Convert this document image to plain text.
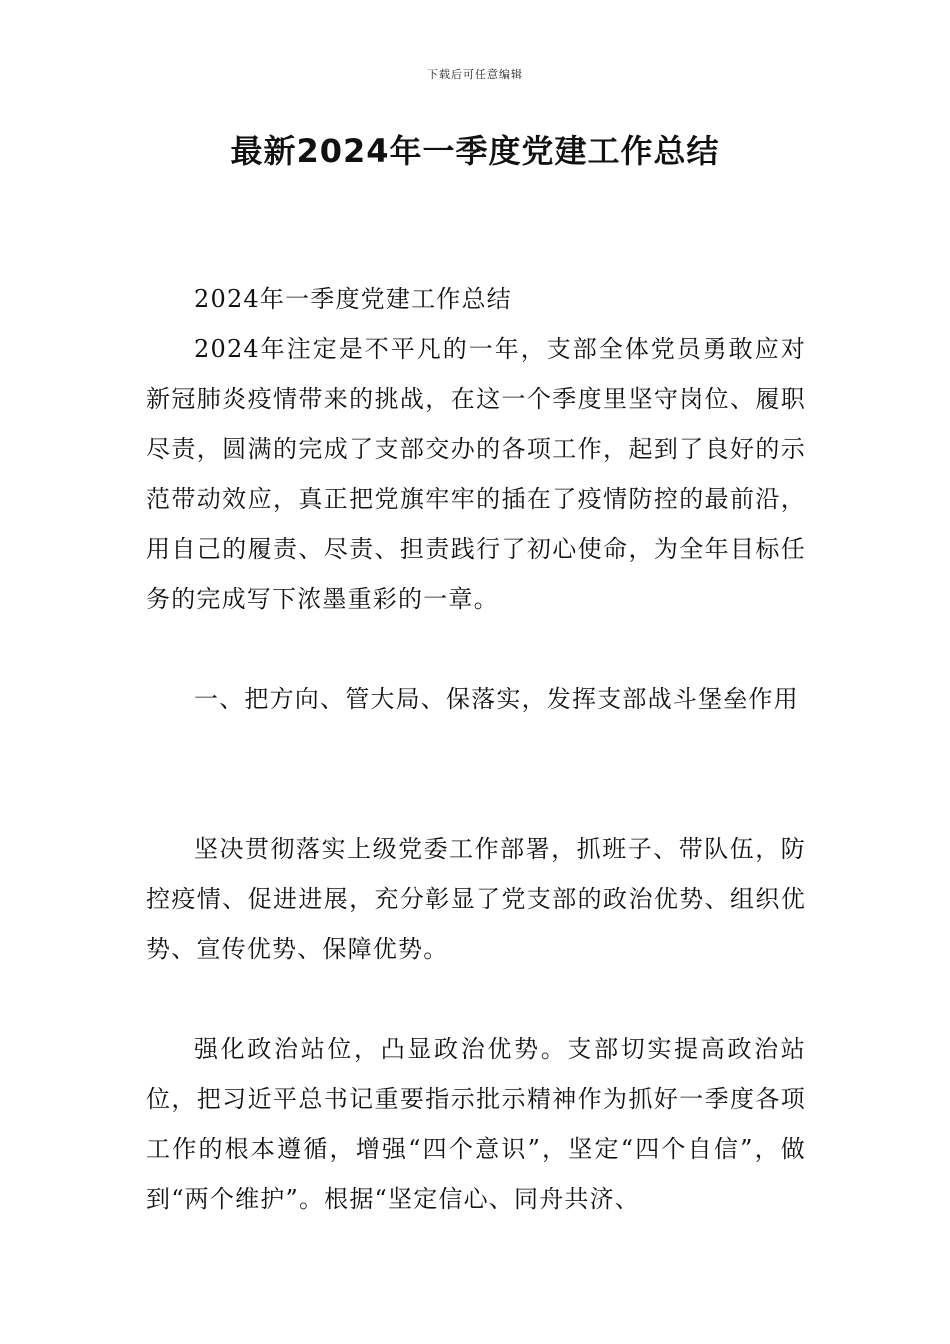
下载后可任意编辑
最新2024年一季度党建工作总结

2024年一季度党建工作总结

2024年注定是不平凡的一年，支部全体党员勇敢应对新冠肺炎疫情带来的挑战，在这一个季度里坚守岗位、履职尽责，圆满的完成了支部交办的各项工作，起到了良好的示范带动效应，真正把党旗牢牢的插在了疫情防控的最前沿，用自己的履责、尽责、担责践行了初心使命，为全年目标任务的完成写下浓墨重彩的一章。

一、把方向、管大局、保落实，发挥支部战斗堡垒作用

坚决贯彻落实上级党委工作部署，抓班子、带队伍，防控疫情、促进进展，充分彰显了党支部的政治优势、组织优势、宣传优势、保障优势。

强化政治站位，凸显政治优势。支部切实提高政治站位，把习近平总书记重要指示批示精神作为抓好一季度各项工作的根本遵循，增强“四个意识”，坚定“四个自信”，做到“两个维护”。根据“坚定信心、同舟共济、
